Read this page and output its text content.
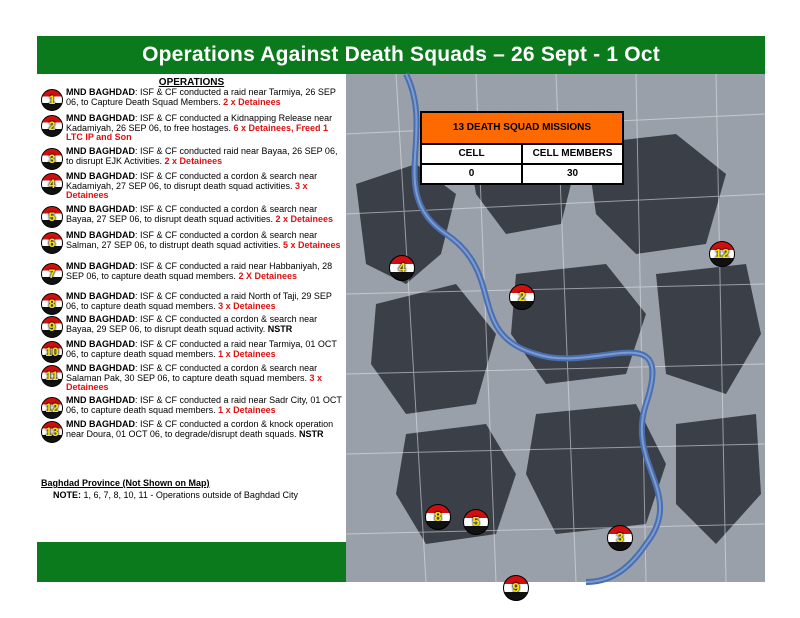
Operations Against Death Squads – 26 Sept - 1 Oct
OPERATIONS
1
MND BAGHDAD: ISF & CF conducted a raid near Tarmiya, 26 SEP 06, to Capture Death Squad Members. 2 x Detainees
2
MND BAGHDAD: ISF & CF conducted a Kidnapping Release near Kadamiyah, 26 SEP 06, to free hostages. 6 x Detainees, Freed 1 LTC IP and Son
3
MND BAGHDAD: ISF & CF conducted raid near Bayaa, 26 SEP 06, to disrupt EJK Activities. 2 x Detainees
4
MND BAGHDAD: ISF & CF conducted a cordon & search near Kadamiyah, 27 SEP 06, to disrupt death squad activities. 3 x Detainees
5
MND BAGHDAD: ISF & CF conducted a cordon & search near Bayaa, 27 SEP 06, to disrupt death squad activities. 2 x Detainees
6
MND BAGHDAD: ISF & CF conducted a cordon & search near Salman, 27 SEP 06, to distrupt death squad activities. 5 x Detainees
7
MND BAGHDAD: ISF & CF conducted a raid near Habbaniyah, 28 SEP 06, to capture death squad members. 2 X Detainees
8
MND BAGHDAD: ISF & CF conducted a raid North of Taji, 29 SEP 06, to capture death squad members. 3 x Detainees
9
MND BAGHDAD: ISF & CF conducted a cordon & search near Bayaa, 29 SEP 06, to disrupt death squad activity. NSTR
10
MND BAGHDAD: ISF & CF conducted a raid near Tarmiya, 01 OCT 06, to capture death squad members. 1 x Detainees
11
MND BAGHDAD: ISF & CF conducted a cordon & search near Salaman Pak, 30 SEP 06, to capture death squad members. 3 x Detainees
12
MND BAGHDAD: ISF & CF conducted a raid near Sadr City, 01 OCT 06, to capture death squad members. 1 x Detainees
13
MND BAGHDAD: ISF & CF conducted a cordon & knock operation near Doura, 01 OCT 06, to degrade/disrupt death squads. NSTR
Baghdad Province (Not Shown on Map)
NOTE: 1, 6, 7, 8, 10, 11 - Operations outside of Baghdad City
4
2
12
8	5
3
9
13 DEATH SQUAD MISSIONS
CELL	CELL MEMBERS
0	30
